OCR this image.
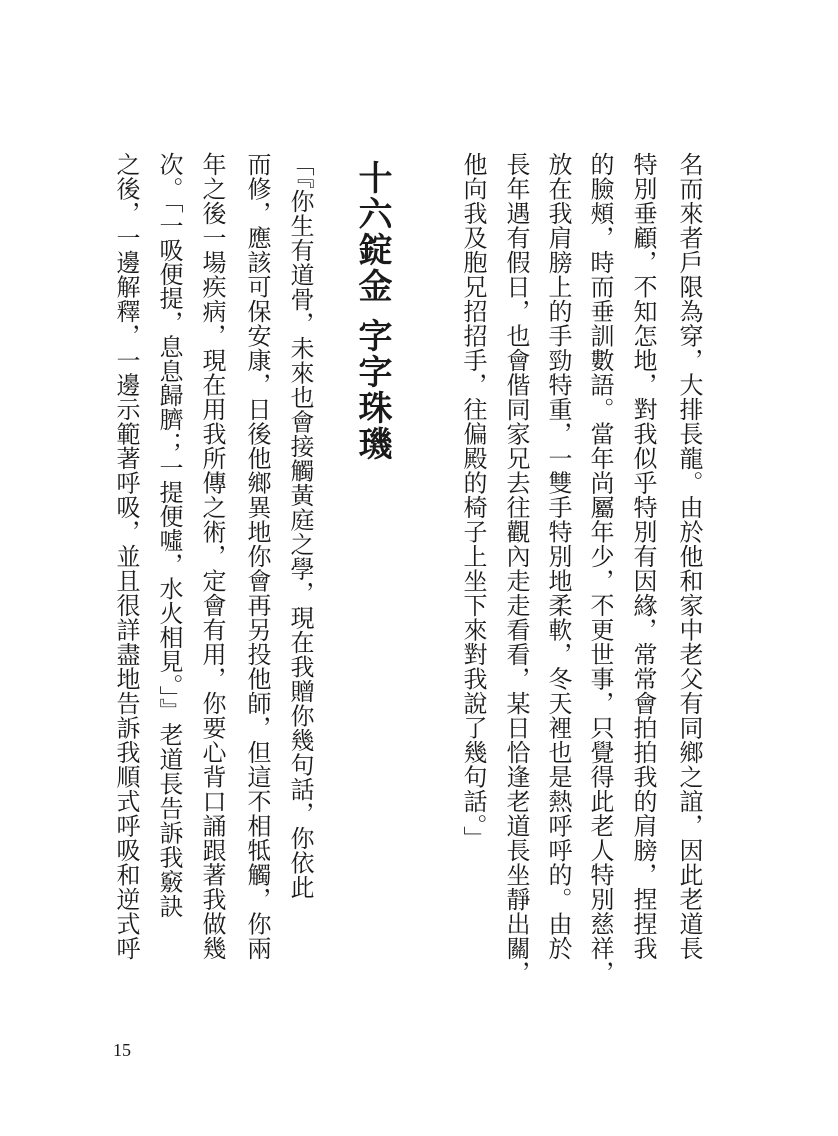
名而來者戶限為穿，大排長龍。由於他和家中老父有同鄉之誼，因此老道長
特別垂顧，不知怎地，對我似乎特別有因緣，常常會拍拍我的肩膀，捏捏我
的臉頰，時而垂訓數語。當年尚屬年少，不更世事，只覺得此老人特別慈祥，
放在我肩膀上的手勁特重，一雙手特別地柔軟，冬天裡也是熱呼呼的。由於
長年遇有假日，也會偕同家兄去往觀內走走看看，某日恰逢老道長坐靜出關，
他向我及胞兄招招手，往偏殿的椅子上坐下來對我說了幾句話。」
十六錠金 字字珠璣
「『你生有道骨，未來也會接觸黃庭之學，現在我贈你幾句話，你依此
而修，應該可保安康，日後他鄉異地你會再另投他師，但這不相牴觸，你兩
年之後一場疾病，現在用我所傳之術，定會有用，你要心背口誦跟著我做幾
次。「一吸便提，息息歸臍；一提便噓，水火相見。」』老道長告訴我竅訣
之後，一邊解釋，一邊示範著呼吸，並且很詳盡地告訴我順式呼吸和逆式呼
15
